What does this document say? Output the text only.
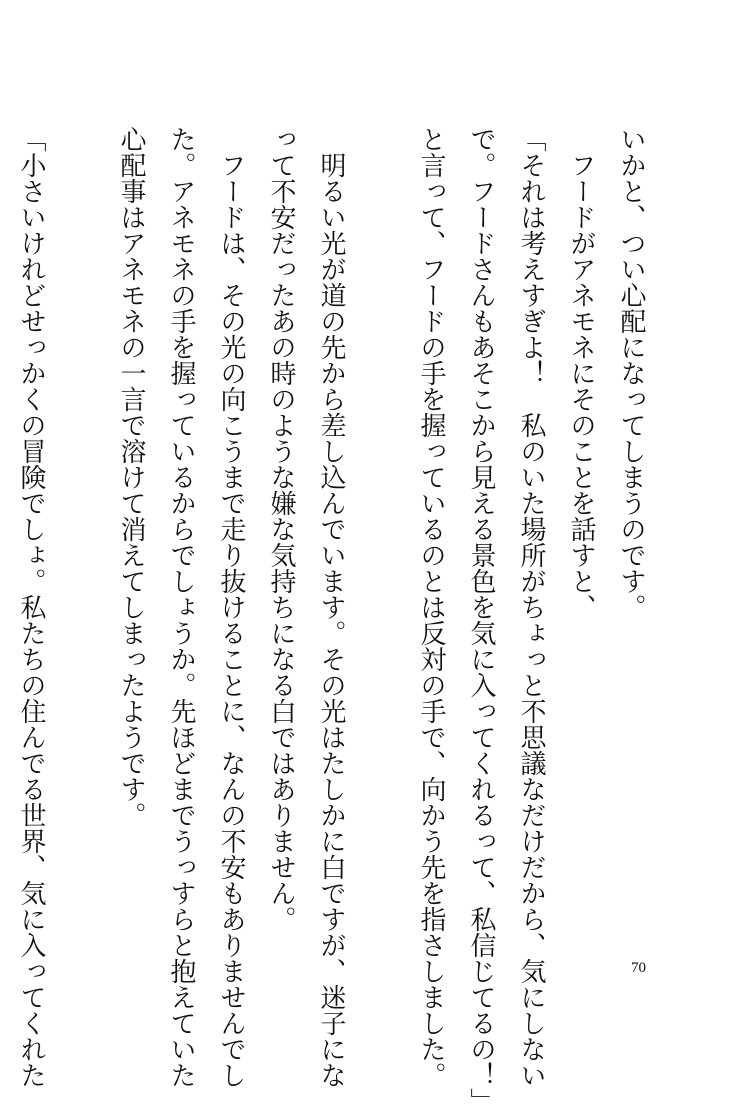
いかと、つい心配になってしまうのです。
　フードがアネモネにそのことを話すと、
「それは考えすぎよ！　私のいた場所がちょっと不思議なだけだから、気にしない
で。フードさんもあそこから見える景色を気に入ってくれるって、私信じてるの！」
と言って、フードの手を握っているのとは反対の手で、向かう先を指さしました。

　明るい光が道の先から差し込んでいます。その光はたしかに白ですが、迷子にな
って不安だったあの時のような嫌な気持ちになる白ではありません。
　フードは、その光の向こうまで走り抜けることに、なんの不安もありませんでし
た。アネモネの手を握っているからでしょうか。先ほどまでうっすらと抱えていた
心配事はアネモネの一言で溶けて消えてしまったようです。

「小さいけれどせっかくの冒険でしょ。私たちの住んでる世界、気に入ってくれた	70
